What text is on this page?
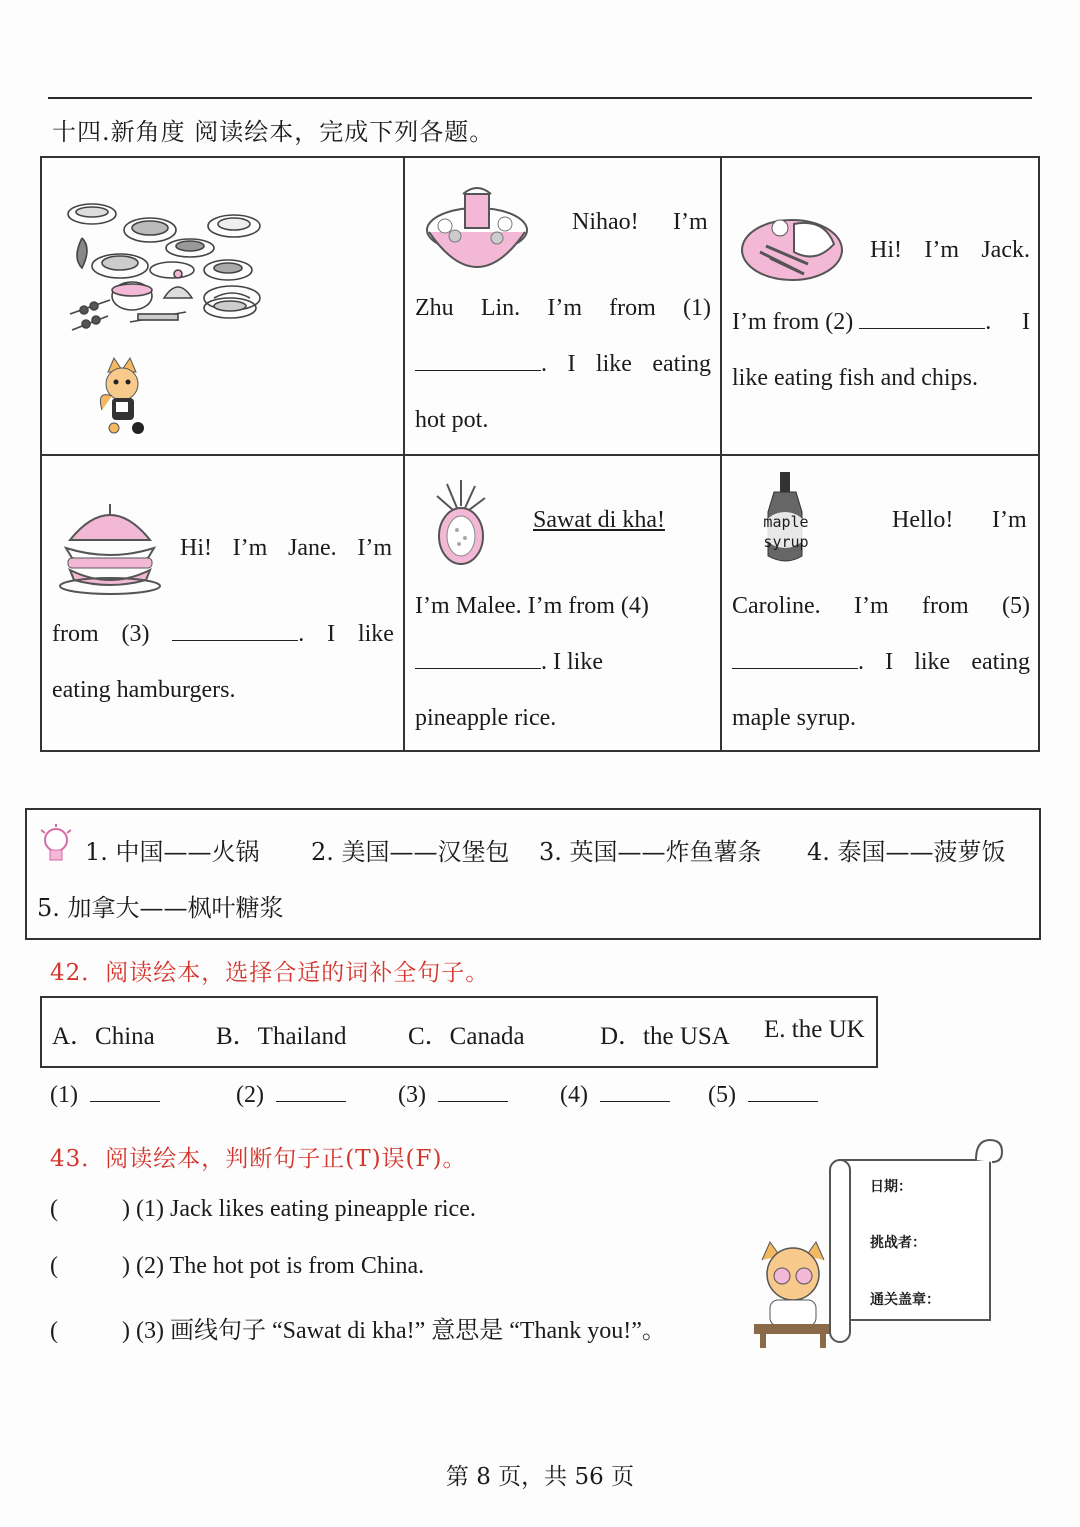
十四.新角度 阅读绘本，完成下列各题。
Nihao! I’m
Zhu Lin. I’m from (1)
. I like eating
hot pot.
Hi! I’m Jack.
I’m from (2)	. I
like eating fish and chips.
Hi! I’m Jane. I’m
from (3)	. I like
eating hamburgers.
Sawat di kha!
I’m Malee. I’m from (4)
. I like
pineapple rice.
maple
syrup
Hello! I’m
Caroline. I’m from (5)
. I like eating
maple syrup.
1. 中国——火锅 2. 美国——汉堡包 3. 英国——炸鱼薯条 4. 泰国——菠萝饭
5. 加拿大——枫叶糖浆
42．阅读绘本，选择合适的词补全句子。
A．China B．Thailand C．Canada	D．the USA E. the UK
(1)	(2)	(3)	(4)	(5)
43．阅读绘本，判断句子正(T)误(F)。
(	) (1) Jack likes eating pineapple rice.
(	) (2) The hot pot is from China.
(	) (3) 画线句子 “Sawat di kha!” 意思是 “Thank you!”。
日期：
挑战者：
通关盖章：
第 8 页，共 56 页
